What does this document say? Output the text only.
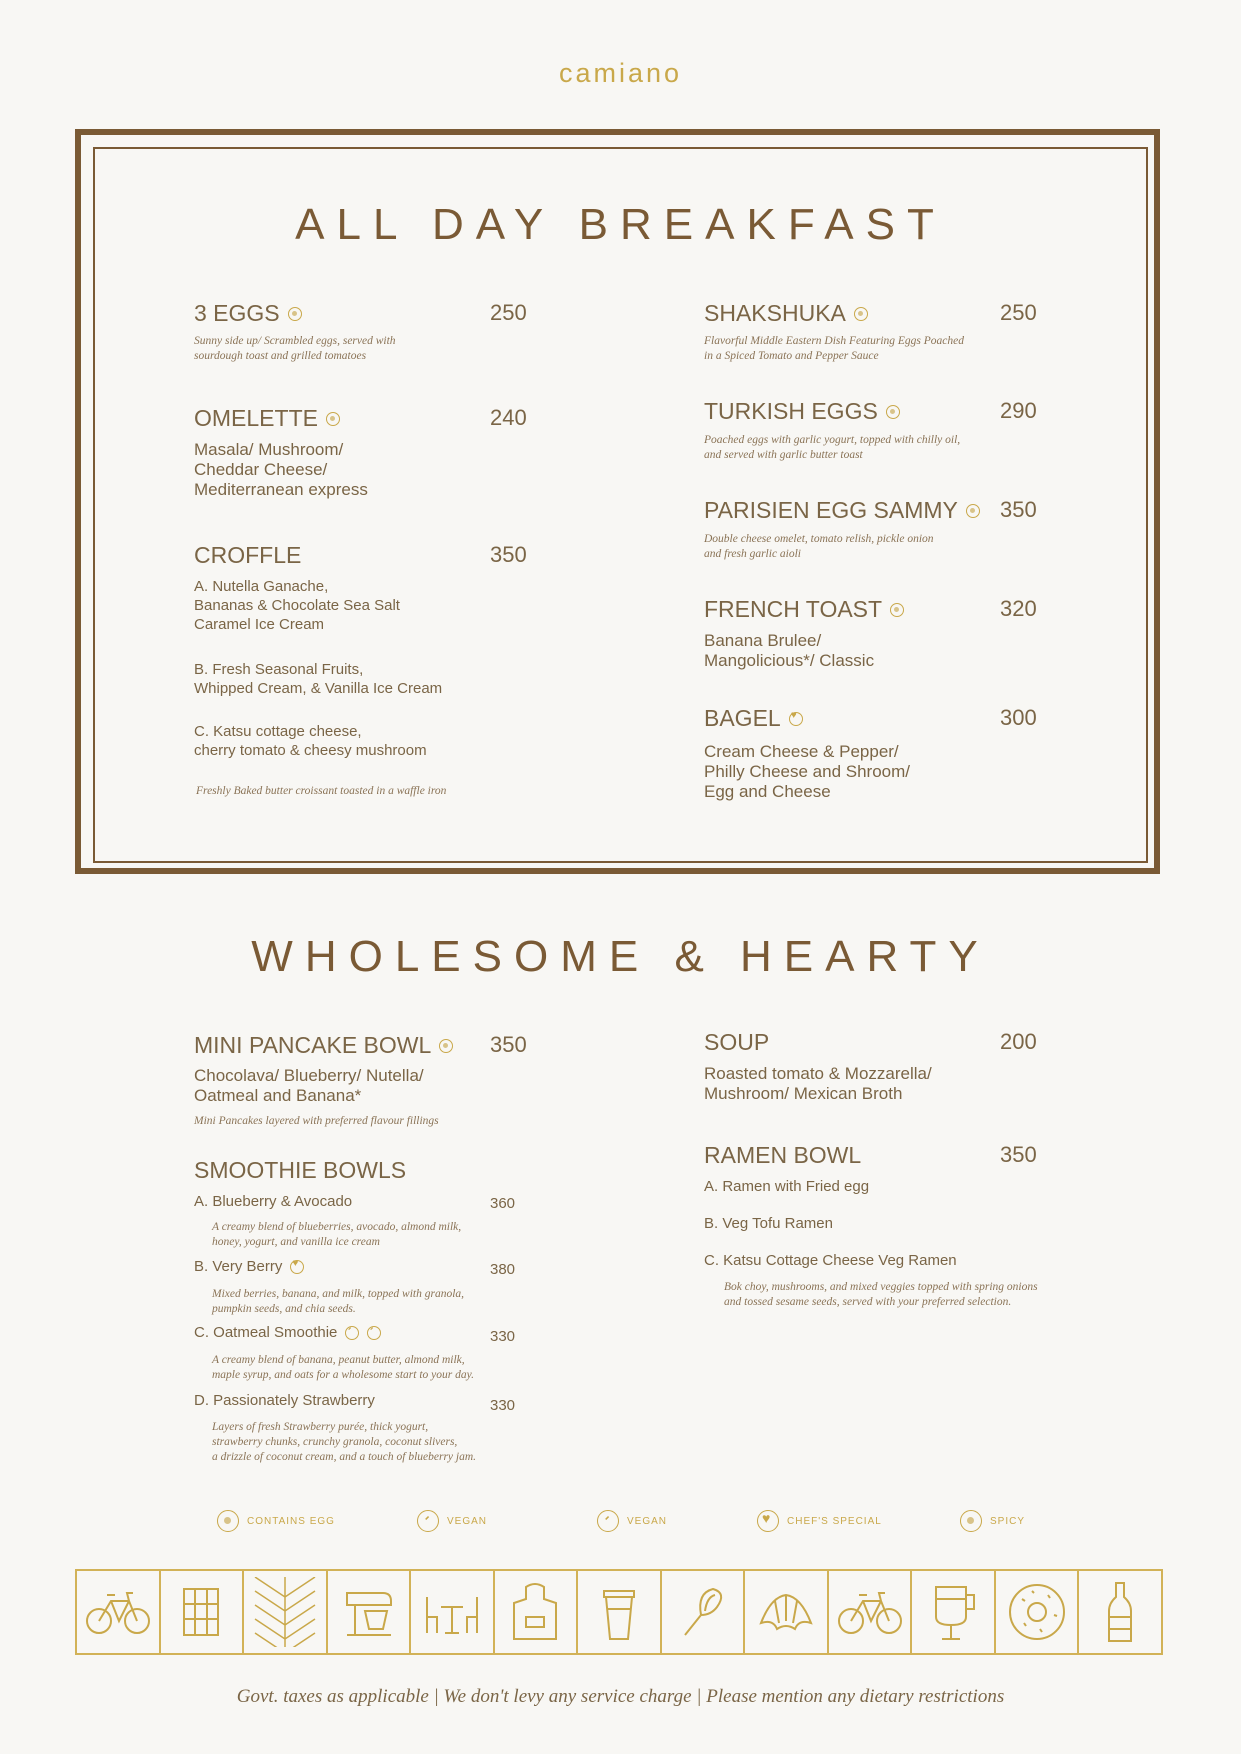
camiano
ALL DAY BREAKFAST
3 EGGS	250
Sunny side up/ Scrambled eggs, served with
sourdough toast and grilled tomatoes
OMELETTE	240
Masala/ Mushroom/
Cheddar Cheese/
Mediterranean express
CROFFLE	350
A. Nutella Ganache,
Bananas & Chocolate Sea Salt
Caramel Ice Cream
B. Fresh Seasonal Fruits,
Whipped Cream, & Vanilla Ice Cream
C. Katsu cottage cheese,
cherry tomato & cheesy mushroom
Freshly Baked butter croissant toasted in a waffle iron
SHAKSHUKA	250
Flavorful Middle Eastern Dish Featuring Eggs Poached
in a Spiced Tomato and Pepper Sauce
TURKISH EGGS	290
Poached eggs with garlic yogurt, topped with chilly oil,
and served with garlic butter toast
PARISIEN EGG SAMMY 350
Double cheese omelet, tomato relish, pickle onion
and fresh garlic aioli
FRENCH TOAST	320
Banana Brulee/
Mangolicious*/ Classic
BAGEL ♥	300
Cream Cheese & Pepper/
Philly Cheese and Shroom/
Egg and Cheese
WHOLESOME & HEARTY
MINI PANCAKE BOWL	350
Chocolava/ Blueberry/ Nutella/
Oatmeal and Banana*
Mini Pancakes layered with preferred flavour fillings
SMOOTHIE BOWLS
A. Blueberry & Avocado	360
A creamy blend of blueberries, avocado, almond milk,
honey, yogurt, and vanilla ice cream
B. Very Berry ♥	380
Mixed berries, banana, and milk, topped with granola,
pumpkin seeds, and chia seeds.
C. Oatmeal Smoothie ⁃ ⁃	330
A creamy blend of banana, peanut butter, almond milk,
maple syrup, and oats for a wholesome start to your day.
D. Passionately Strawberry	330
Layers of fresh Strawberry purée, thick yogurt,
strawberry chunks, crunchy granola, coconut slivers,
a drizzle of coconut cream, and a touch of blueberry jam.
SOUP	200
Roasted tomato & Mozzarella/
Mushroom/ Mexican Broth
RAMEN BOWL	350
A. Ramen with Fried egg
B. Veg Tofu Ramen
C. Katsu Cottage Cheese Veg Ramen
Bok choy, mushrooms, and mixed veggies topped with spring onions
and tossed sesame seeds, served with your preferred selection.
CONTAINS EGG ⁃	VEGAN ⁃	VEGAN ♥	CHEF'S SPECIAL	SPICY
Govt. taxes as applicable | We don't levy any service charge | Please mention any dietary restrictions
